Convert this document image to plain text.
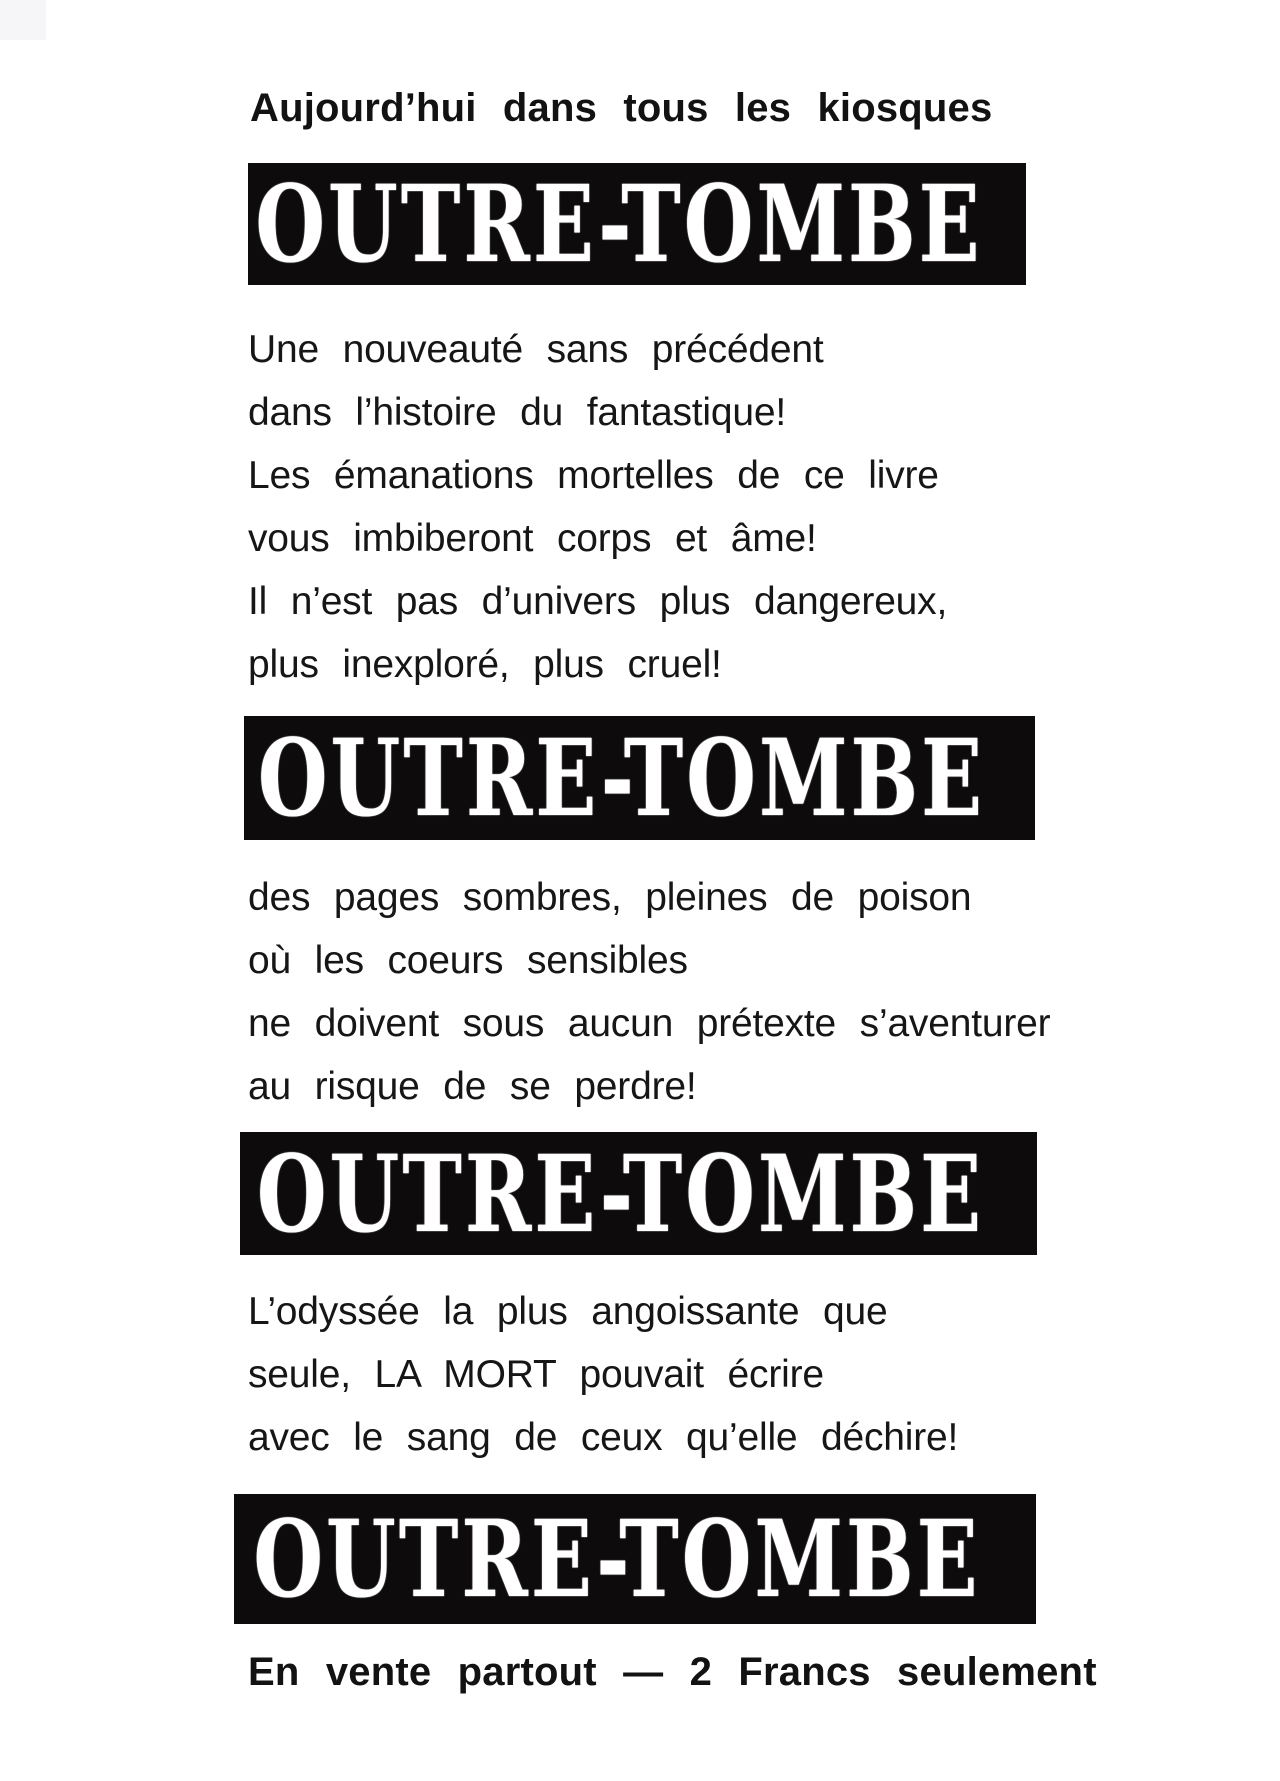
Aujourd’hui dans tous les kiosques
OUTRE-TOMBE
Une nouveauté sans précédent
dans l’histoire du fantastique!
Les émanations mortelles de ce livre
vous imbiberont corps et âme!
Il n’est pas d’univers plus dangereux,
plus inexploré, plus cruel!
OUTRE-TOMBE
des pages sombres, pleines de poison
où les coeurs sensibles
ne doivent sous aucun prétexte s’aventurer
au risque de se perdre!
OUTRE-TOMBE
L’odyssée la plus angoissante que
seule, LA MORT pouvait écrire
avec le sang de ceux qu’elle déchire!
OUTRE-TOMBE
En vente partout — 2 Francs seulement
